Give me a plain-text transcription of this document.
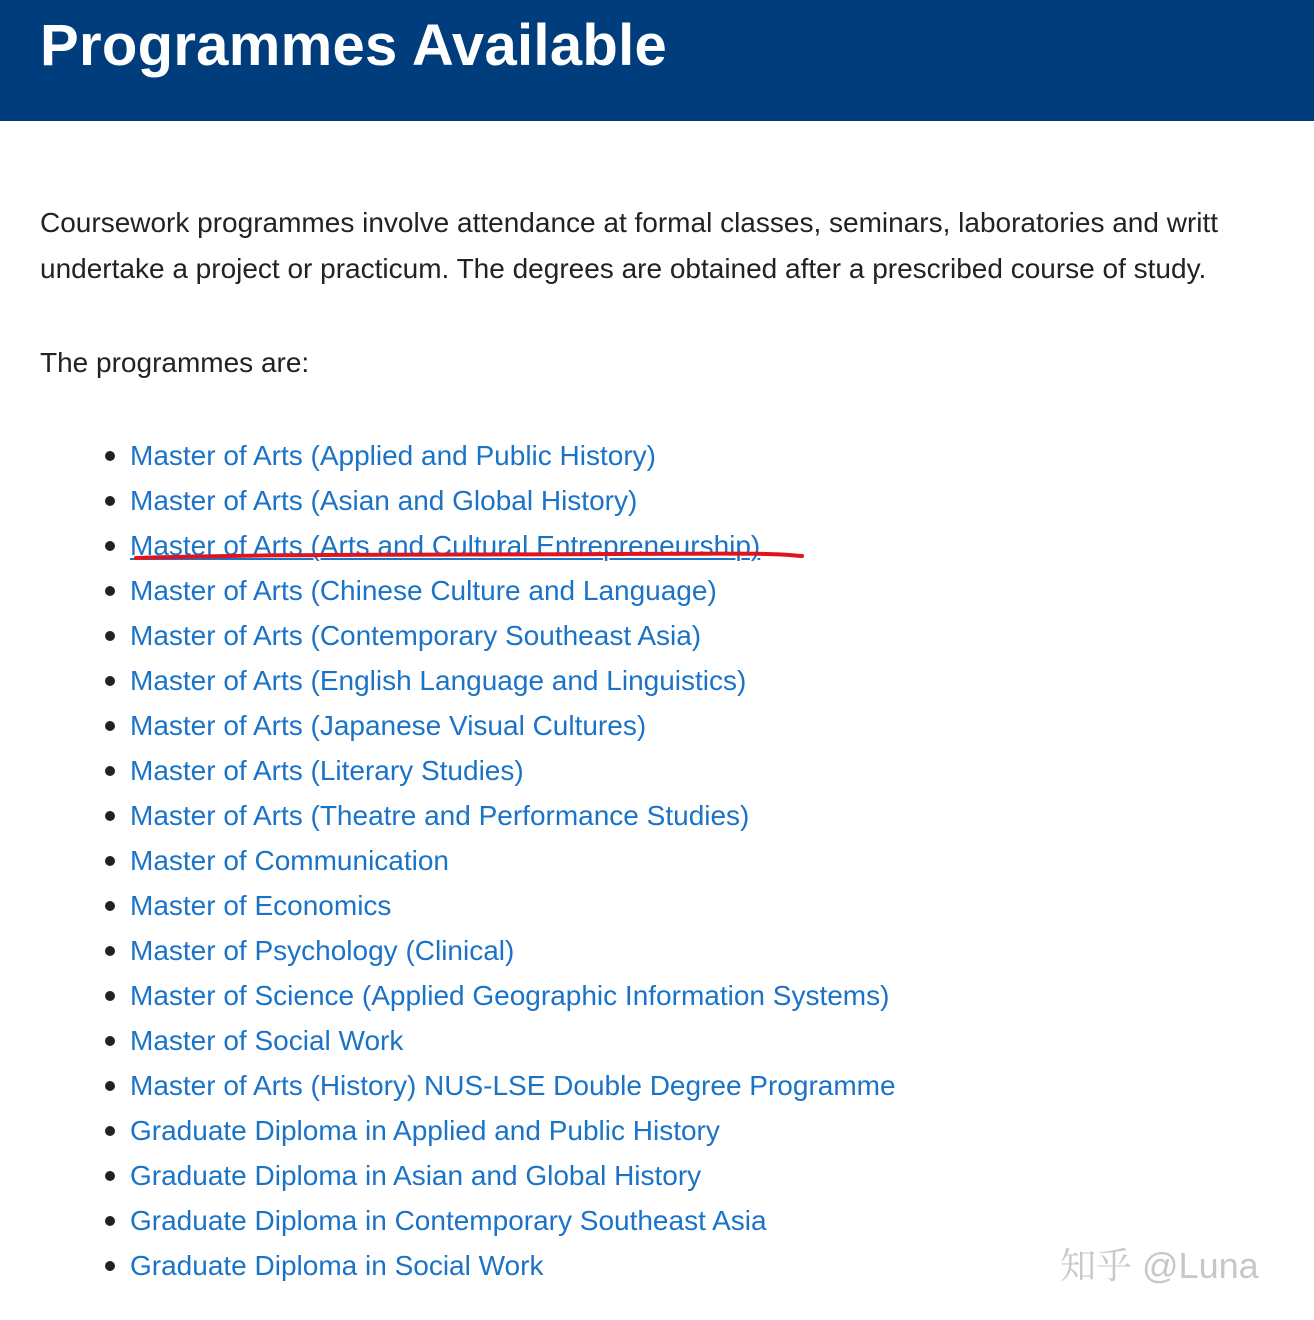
Programmes Available

Coursework programmes involve attendance at formal classes, seminars, laboratories and writt
undertake a project or practicum. The degrees are obtained after a prescribed course of study.

The programmes are:

Master of Arts (Applied and Public History)
Master of Arts (Asian and Global History)
Master of Arts (Arts and Cultural Entrepreneurship)
Master of Arts (Chinese Culture and Language)
Master of Arts (Contemporary Southeast Asia)
Master of Arts (English Language and Linguistics)
Master of Arts (Japanese Visual Cultures)
Master of Arts (Literary Studies)
Master of Arts (Theatre and Performance Studies)
Master of Communication
Master of Economics
Master of Psychology (Clinical)
Master of Science (Applied Geographic Information Systems)
Master of Social Work
Master of Arts (History) NUS-LSE Double Degree Programme
Graduate Diploma in Applied and Public History
Graduate Diploma in Asian and Global History
Graduate Diploma in Contemporary Southeast Asia
Graduate Diploma in Social Work	知乎 @Luna
